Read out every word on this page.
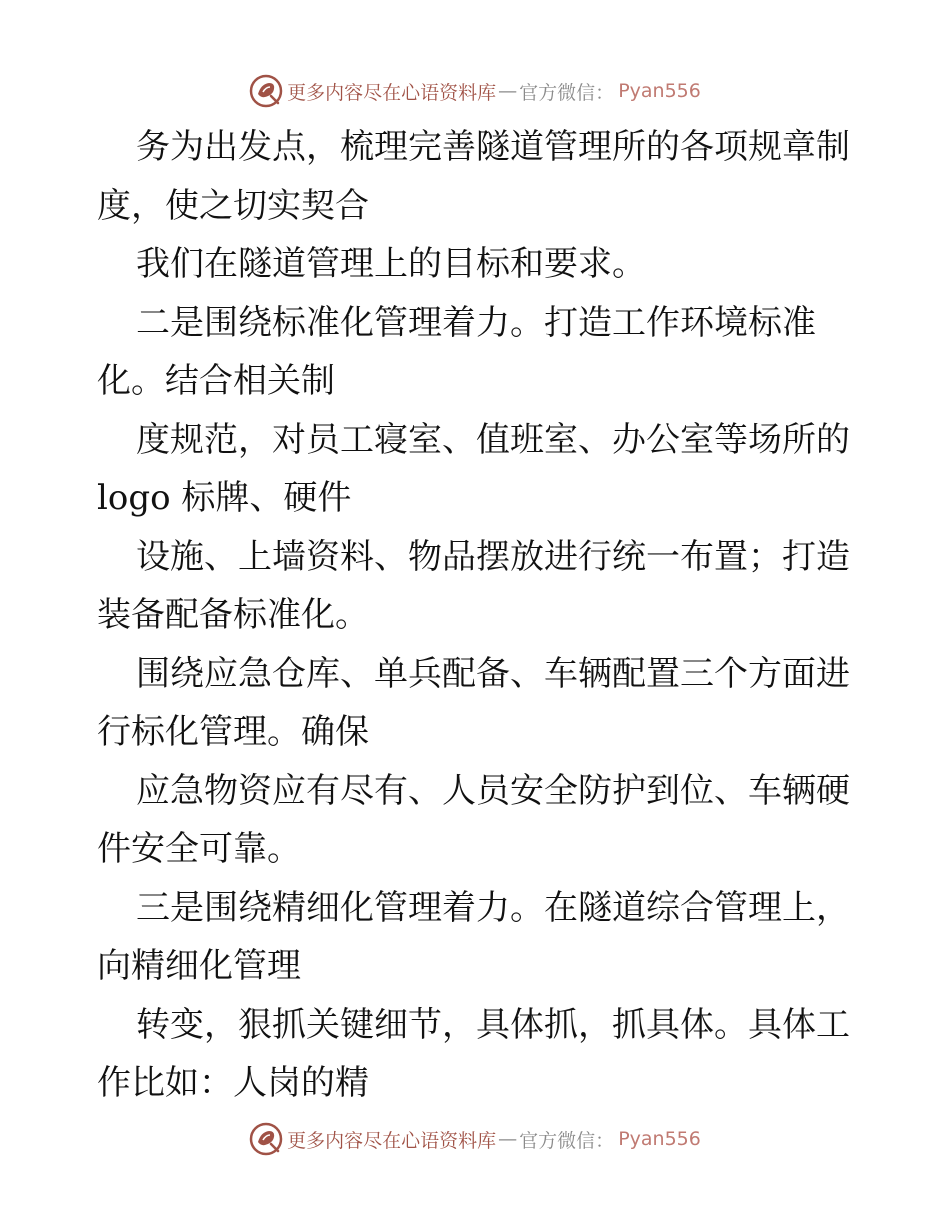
更多内容尽在心语资料库 — 官方微信： Pyan556

务为出发点，梳理完善隧道管理所的各项规章制

度，使之切实契合

我们在隧道管理上的目标和要求。

二是围绕标准化管理着力。打造工作环境标准

化。结合相关制

度规范，对员工寝室、值班室、办公室等场所的

logo 标牌、硬件

设施、上墙资料、物品摆放进行统一布置；打造

装备配备标准化。

围绕应急仓库、单兵配备、车辆配置三个方面进

行标化管理。确保

应急物资应有尽有、人员安全防护到位、车辆硬

件安全可靠。

三是围绕精细化管理着力。在隧道综合管理上，

向精细化管理

转变，狠抓关键细节，具体抓，抓具体。具体工

作比如：人岗的精

更多内容尽在心语资料库 — 官方微信： Pyan556
